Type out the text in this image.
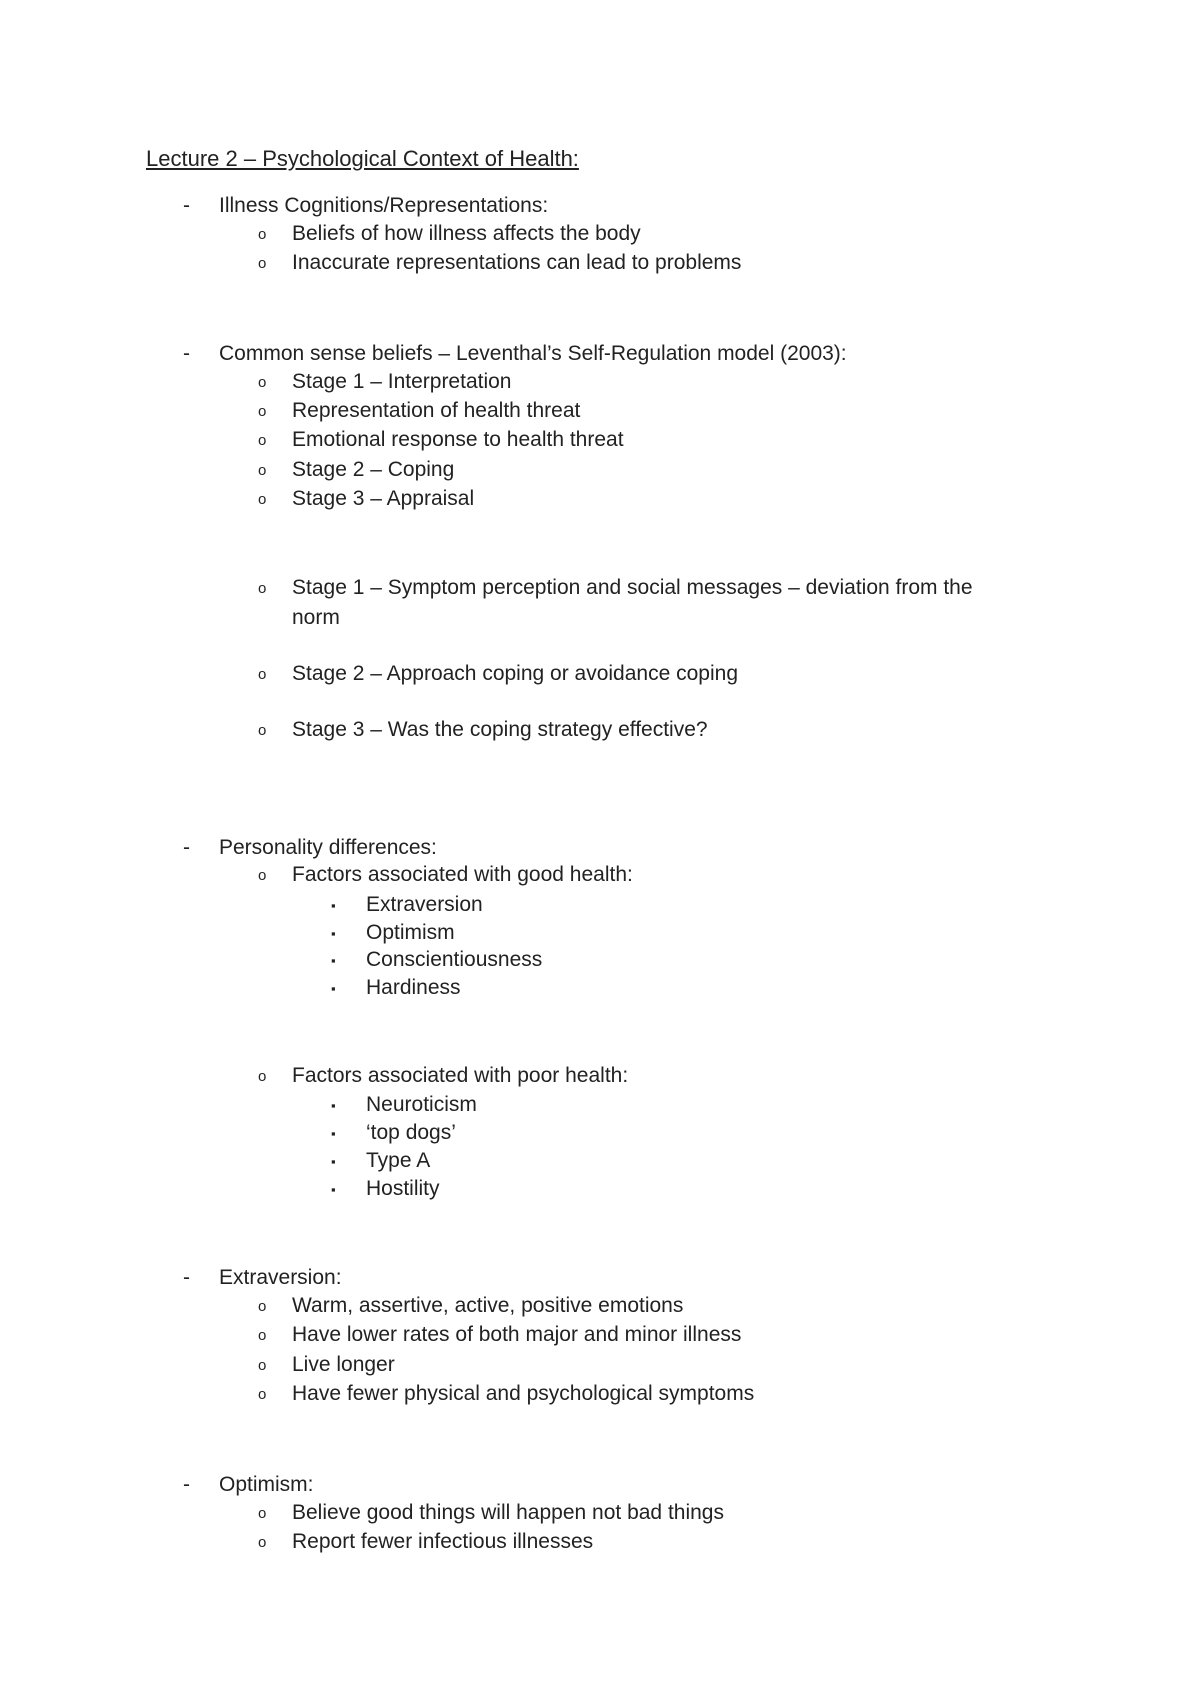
Lecture 2 – Psychological Context of Health:
- Illness Cognitions/Representations:
o Beliefs of how illness affects the body
o Inaccurate representations can lead to problems
- Common sense beliefs – Leventhal’s Self-Regulation model (2003):
o Stage 1 – Interpretation
o Representation of health threat
o Emotional response to health threat
o Stage 2 – Coping
o Stage 3 – Appraisal
o Stage 1 – Symptom perception and social messages – deviation from the
norm
o Stage 2 – Approach coping or avoidance coping
o Stage 3 – Was the coping strategy effective?
- Personality differences:
o Factors associated with good health:
▪ Extraversion
▪ Optimism
▪ Conscientiousness
▪ Hardiness
o Factors associated with poor health:
▪ Neuroticism
▪ ‘top dogs’
▪ Type A
▪ Hostility
- Extraversion:
o Warm, assertive, active, positive emotions
o Have lower rates of both major and minor illness
o Live longer
o Have fewer physical and psychological symptoms
- Optimism:
o Believe good things will happen not bad things
o Report fewer infectious illnesses
